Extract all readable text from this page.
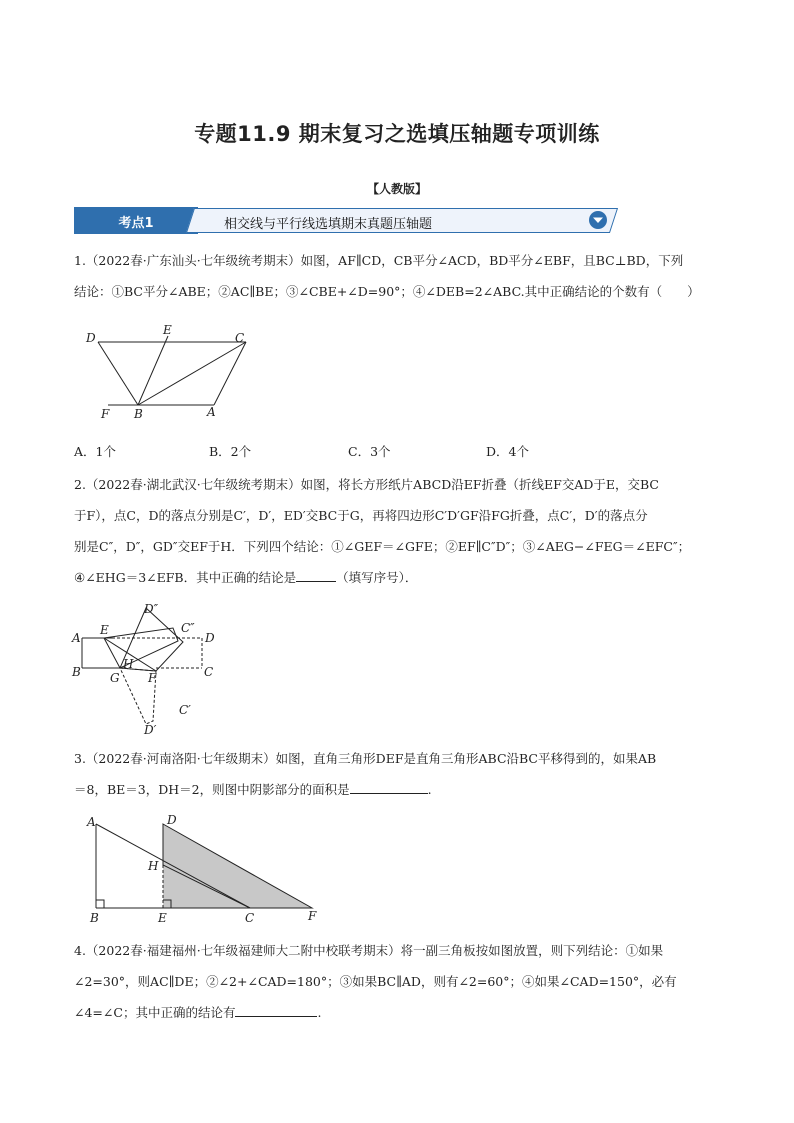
专题11.9 期末复习之选填压轴题专项训练
【人教版】
考点1	相交线与平行线选填期末真题压轴题

1.（2022春·广东汕头·七年级统考期末）如图，AF∥CD，CB平分∠ACD，BD平分∠EBF，且BC⊥BD，下列

结论：①BC平分∠ABE；②AC∥BE；③∠CBE+∠D=90°；④∠DEB=2∠ABC.其中正确结论的个数有（　　）

D
E
C
F B	A
A．1个	B．2个	C．3个	D．4个

2.（2022春·湖北武汉·七年级统考期末）如图，将长方形纸片ABCD沿EF折叠（折线EF交AD于E，交BC

于F），点C，D的落点分别是C′，D′，ED′交BC于G，再将四边形C′D′GF沿FG折叠，点C′，D′的落点分

别是C″，D″，GD″交EF于H．下列四个结论：①∠GEF＝∠GFE；②EF∥C″D″；③∠AEG−∠FEG＝∠EFC″；

④∠EHG＝3∠EFB．其中正确的结论是	（填写序号）．

A
E
D″
C″
D
B
H
G F	C
C′
D′

3.（2022春·河南洛阳·七年级期末）如图，直角三角形DEF是直角三角形ABC沿BC平移得到的，如果AB

＝8，BE＝3，DH＝2，则图中阴影部分的面积是	.

A	D
H
B	E	C	F

4.（2022春·福建福州·七年级福建师大二附中校联考期末）将一副三角板按如图放置，则下列结论：①如果

∠2=30°，则AC∥DE；②∠2+∠CAD=180°；③如果BC∥AD，则有∠2=60°；④如果∠CAD=150°，必有

∠4=∠C；其中正确的结论有	.
